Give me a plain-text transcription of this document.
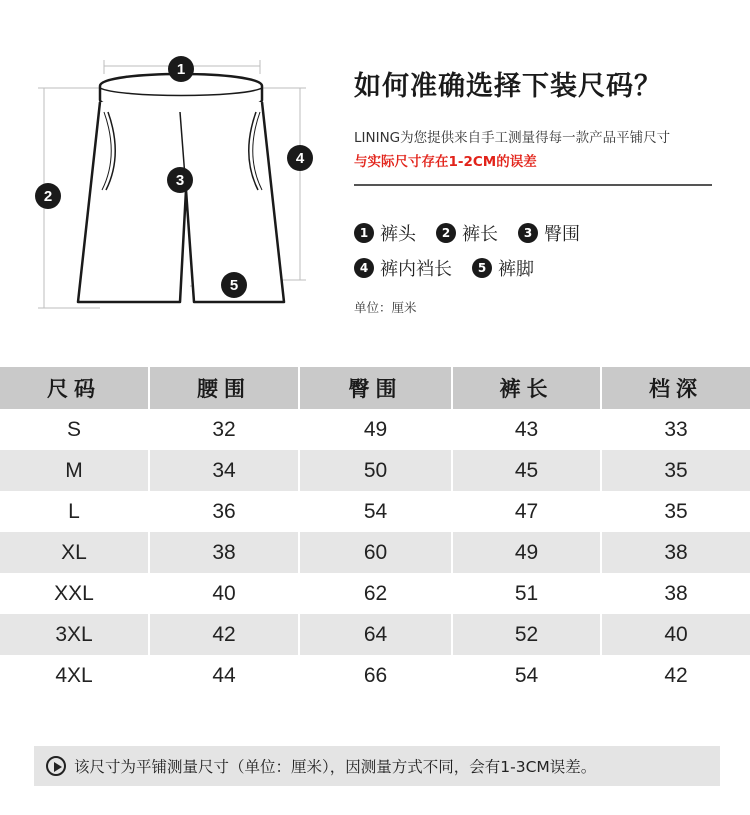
1
2
3
4
5
如何准确选择下装尺码？
LINING为您提供来自手工测量得每一款产品平铺尺寸
与实际尺寸存在1-2CM的误差
1 裤头	2 裤长	3 臀围
4 裤内裆长	5 裤脚
单位：厘米
尺码	腰围	臀围	裤长	档深
S	32	49	43	33
M	34	50	45	35
L	36	54	47	35
XL	38	60	49	38
XXL	40	62	51	38
3XL	42	64	52	40
4XL	44	66	54	42
该尺寸为平铺测量尺寸（单位：厘米），因测量方式不同，会有1-3CM误差。
